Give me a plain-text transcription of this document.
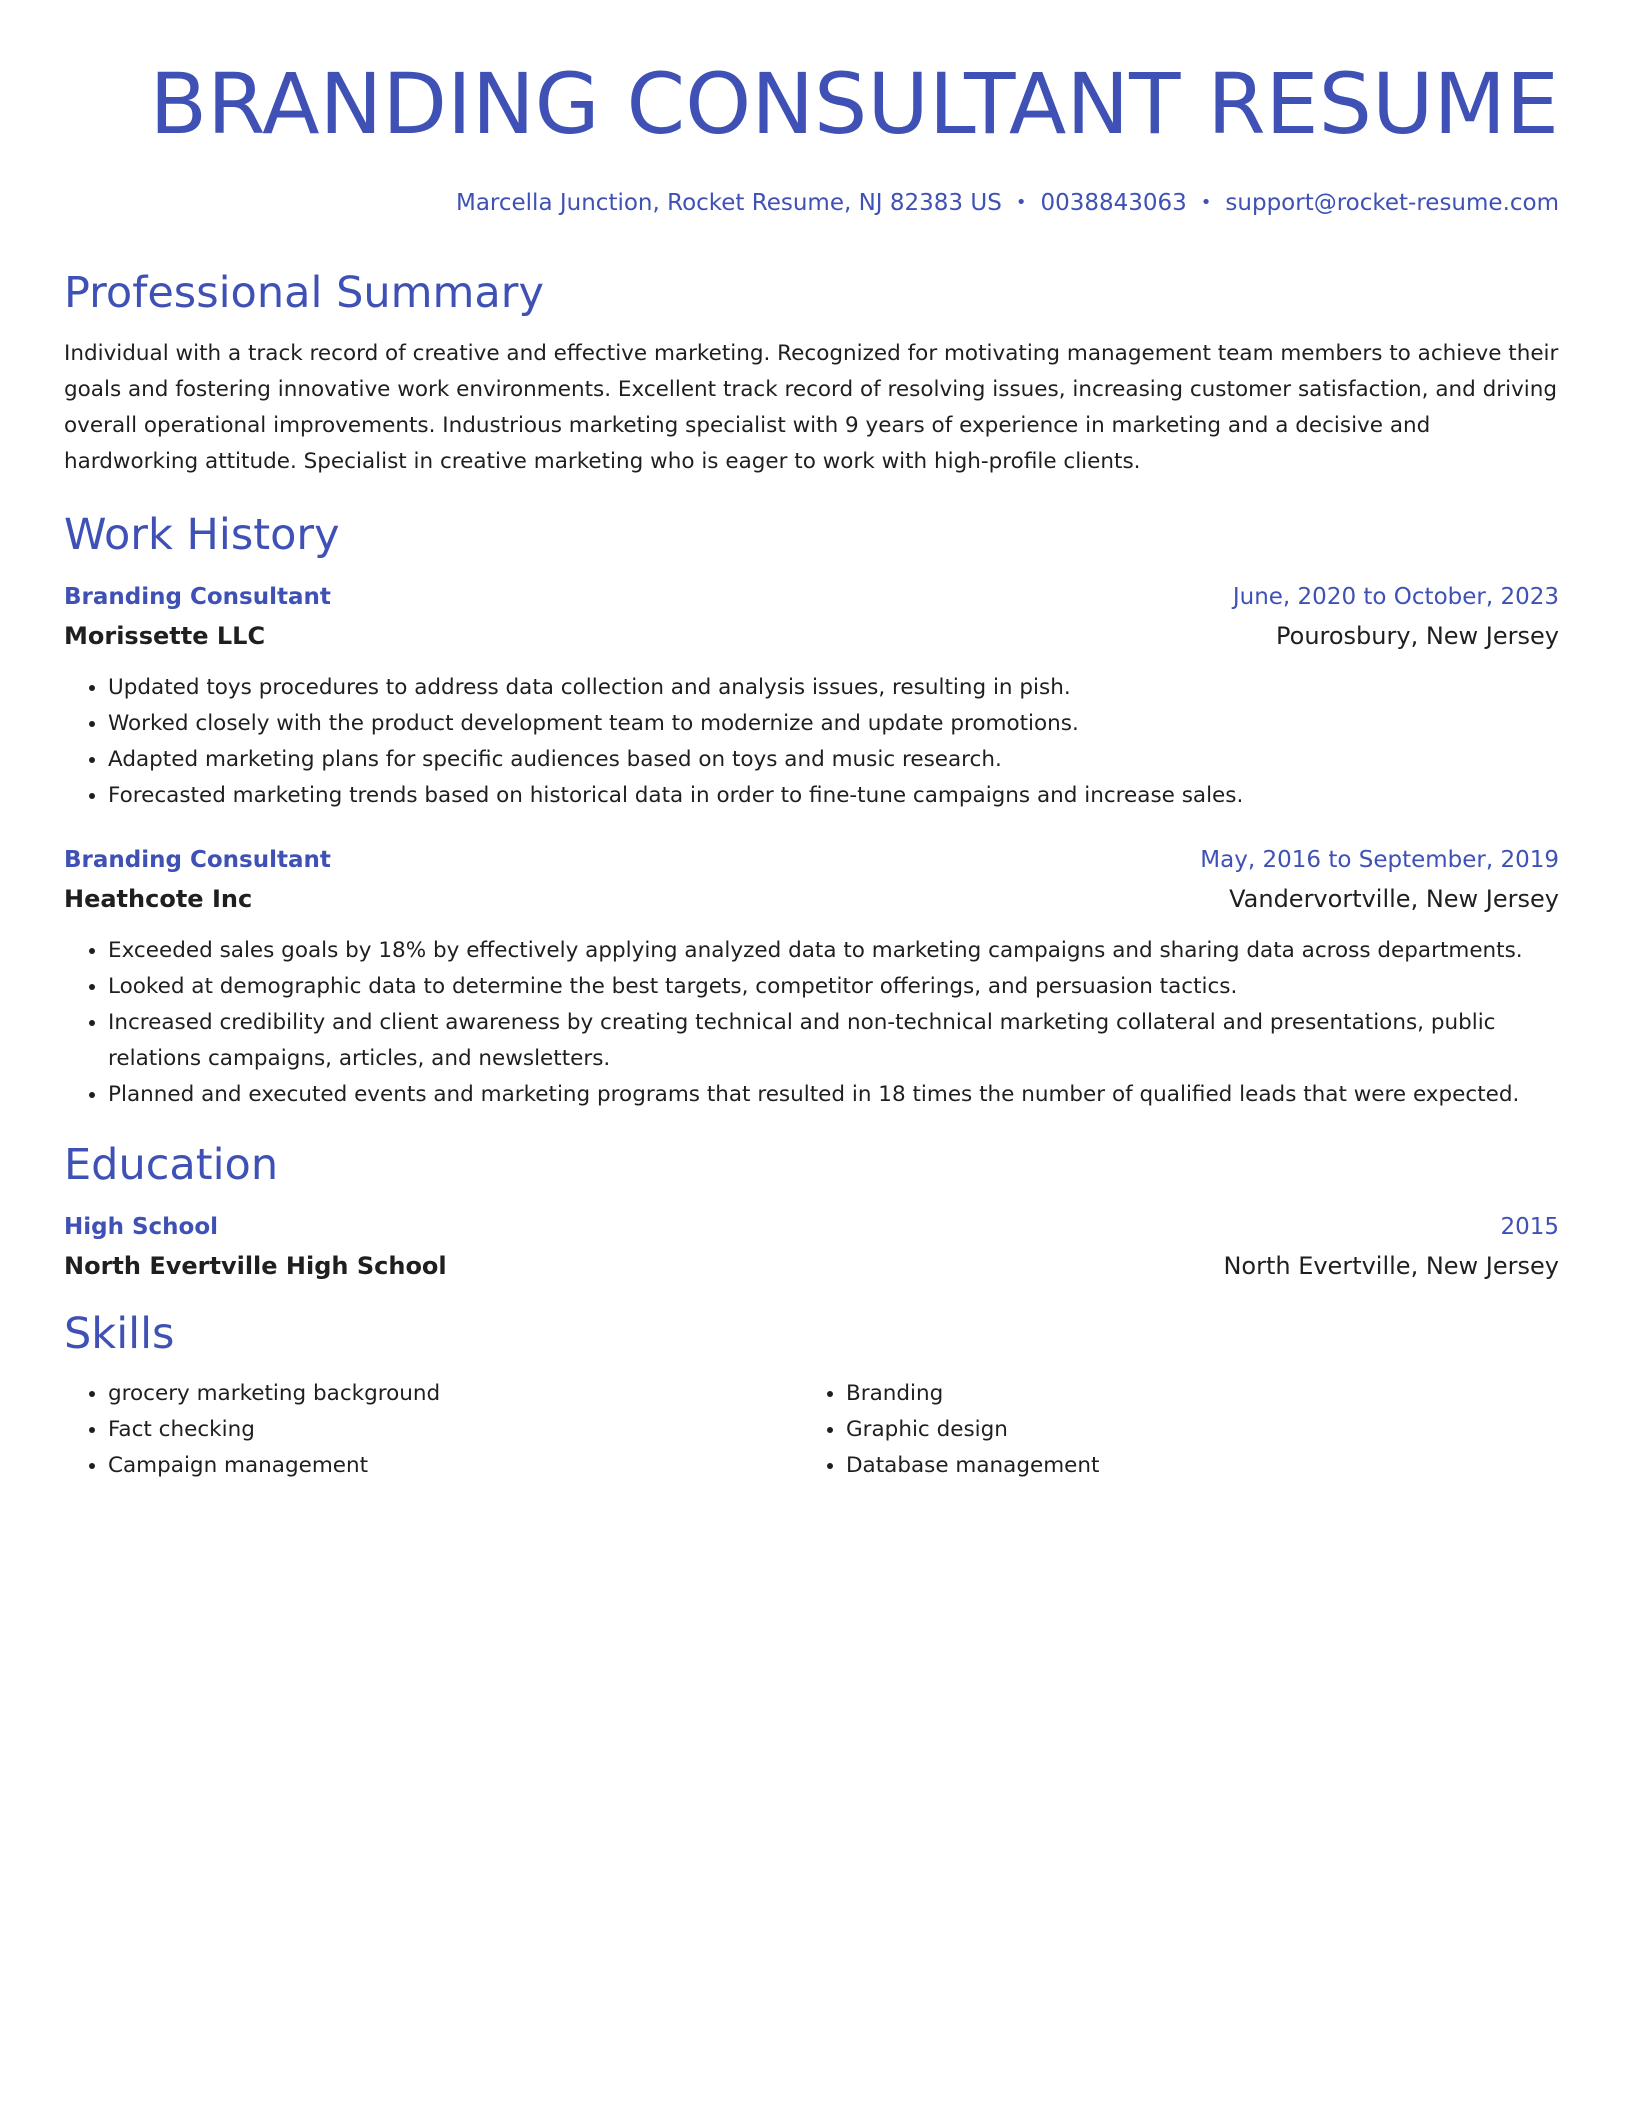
BRANDING CONSULTANT RESUME
Marcella Junction, Rocket Resume, NJ 82383 US • 0038843063 • support@rocket-resume.com
Professional Summary
Individual with a track record of creative and effective marketing. Recognized for motivating management team members to achieve their goals and fostering innovative work environments. Excellent track record of resolving issues, increasing customer satisfaction, and driving overall operational improvements. Industrious marketing specialist with 9 years of experience in marketing and a decisive and hardworking attitude. Specialist in creative marketing who is eager to work with high-profile clients.
Work History
Branding Consultant	June, 2020 to October, 2023
Morissette LLC	Pourosbury, New Jersey
• Updated toys procedures to address data collection and analysis issues, resulting in pish.
• Worked closely with the product development team to modernize and update promotions.
• Adapted marketing plans for specific audiences based on toys and music research.
• Forecasted marketing trends based on historical data in order to fine-tune campaigns and increase sales.
Branding Consultant	May, 2016 to September, 2019
Heathcote Inc	Vandervortville, New Jersey
• Exceeded sales goals by 18% by effectively applying analyzed data to marketing campaigns and sharing data across departments.
• Looked at demographic data to determine the best targets, competitor offerings, and persuasion tactics.
• Increased credibility and client awareness by creating technical and non-technical marketing collateral and presentations, public relations campaigns, articles, and newsletters.
• Planned and executed events and marketing programs that resulted in 18 times the number of qualified leads that were expected.
Education
High School	2015
North Evertville High School	North Evertville, New Jersey
Skills
• grocery marketing background
• Fact checking
• Campaign management
• Branding
• Graphic design
• Database management
